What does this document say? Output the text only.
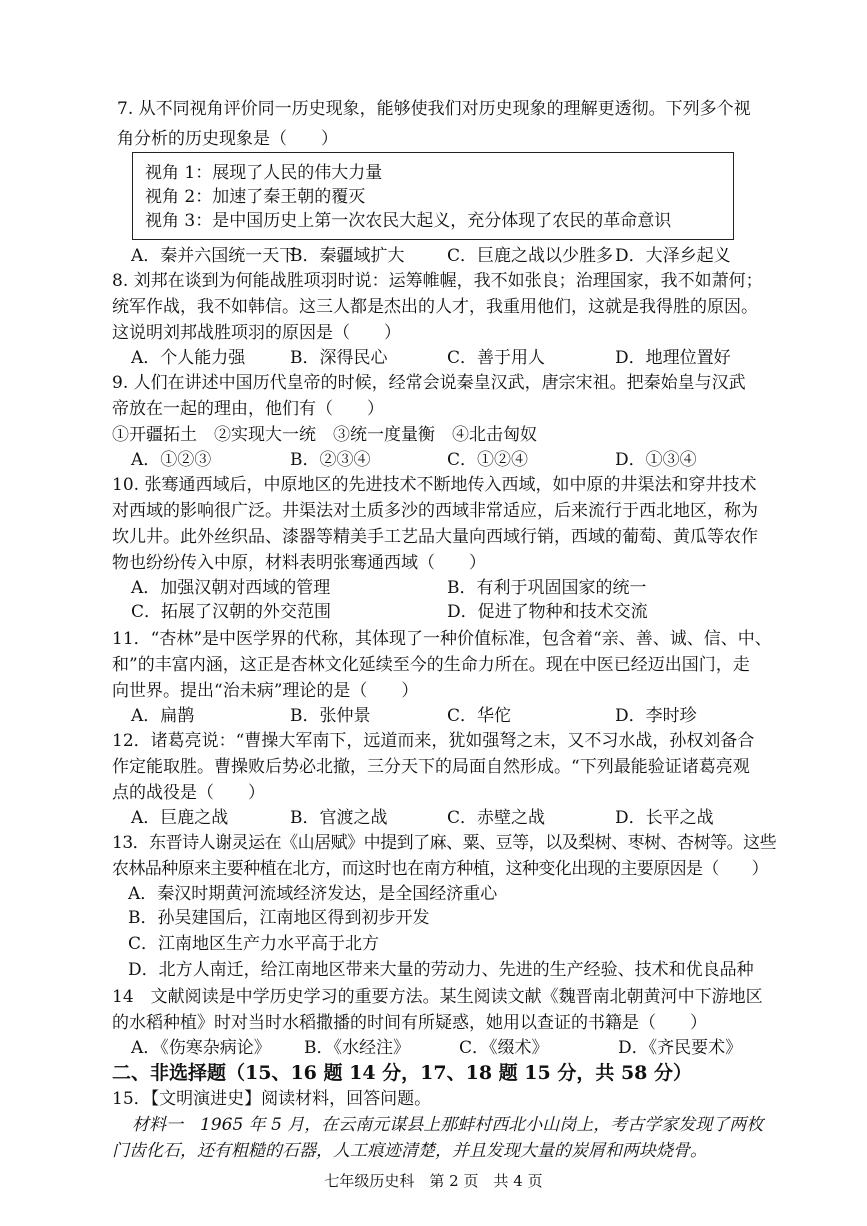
7. 从不同视角评价同一历史现象，能够使我们对历史现象的理解更透彻。下列多个视
角分析的历史现象是（　　）
视角 1：展现了人民的伟大力量
视角 2：加速了秦王朝的覆灭
视角 3：是中国历史上第一次农民大起义，充分体现了农民的革命意识
A．秦并六国统一天下
B．秦疆域扩大	C．巨鹿之战以少胜多 D．大泽乡起义
8. 刘邦在谈到为何能战胜项羽时说：运筹帷幄，我不如张良；治理国家，我不如萧何；
统军作战，我不如韩信。这三人都是杰出的人才，我重用他们，这就是我得胜的原因。
这说明刘邦战胜项羽的原因是（　　）
A．个人能力强	B．深得民心	C．善于用人	D．地理位置好
9. 人们在讲述中国历代皇帝的时候，经常会说秦皇汉武，唐宗宋祖。把秦始皇与汉武
帝放在一起的理由，他们有（　　）
①开疆拓土　②实现大一统　③统一度量衡　④北击匈奴
A．①②③	B．②③④	C．①②④	D．①③④
10. 张骞通西域后，中原地区的先进技术不断地传入西域，如中原的井渠法和穿井技术
对西域的影响很广泛。井渠法对土质多沙的西域非常适应，后来流行于西北地区，称为
坎儿井。此外丝织品、漆器等精美手工艺品大量向西域行销，西域的葡萄、黄瓜等农作
物也纷纷传入中原，材料表明张骞通西域（　　）
A．加强汉朝对西域的管理	B．有利于巩固国家的统一
C．拓展了汉朝的外交范围	D．促进了物种和技术交流
11．“杏林”是中医学界的代称，其体现了一种价值标准，包含着“亲、善、诚、信、中、
和”的丰富内涵，这正是杏林文化延续至今的生命力所在。现在中医已经迈出国门，走
向世界。提出“治未病”理论的是（　　）
A．扁鹊	B．张仲景	C．华佗	D．李时珍
12．诸葛亮说：“曹操大军南下，远道而来，犹如强弩之末，又不习水战，孙权刘备合
作定能取胜。曹操败后势必北撤，三分天下的局面自然形成。“下列最能验证诸葛亮观
点的战役是（　　）
A．巨鹿之战	B．官渡之战	C．赤壁之战	D．长平之战
13．东晋诗人谢灵运在《山居赋》中提到了麻、粟、豆等，以及梨树、枣树、杏树等。这些
农林品种原来主要种植在北方，而这时也在南方种植，这种变化出现的主要原因是（　　）
A．秦汉时期黄河流域经济发达，是全国经济重心
B．孙吴建国后，江南地区得到初步开发
C．江南地区生产力水平高于北方
D．北方人南迁，给江南地区带来大量的劳动力、先进的生产经验、技术和优良品种
14　文献阅读是中学历史学习的重要方法。某生阅读文献《魏晋南北朝黄河中下游地区
的水稻种植》时对当时水稻撒播的时间有所疑惑，她用以查证的书籍是（　　）
A．《伤寒杂病论》 B．《水经注》	C．《缀术》	D．《齐民要术》
二、非选择题（15、16 题 14 分，17、18 题 15 分，共 58 分）
15．【文明演进史】阅读材料，回答问题。
材料一　1965 年 5 月，在云南元谋县上那蚌村西北小山岗上，考古学家发现了两枚
门齿化石，还有粗糙的石器，人工痕迹清楚，并且发现大量的炭屑和两块烧骨。
七年级历史科　第 2 页　共 4 页
